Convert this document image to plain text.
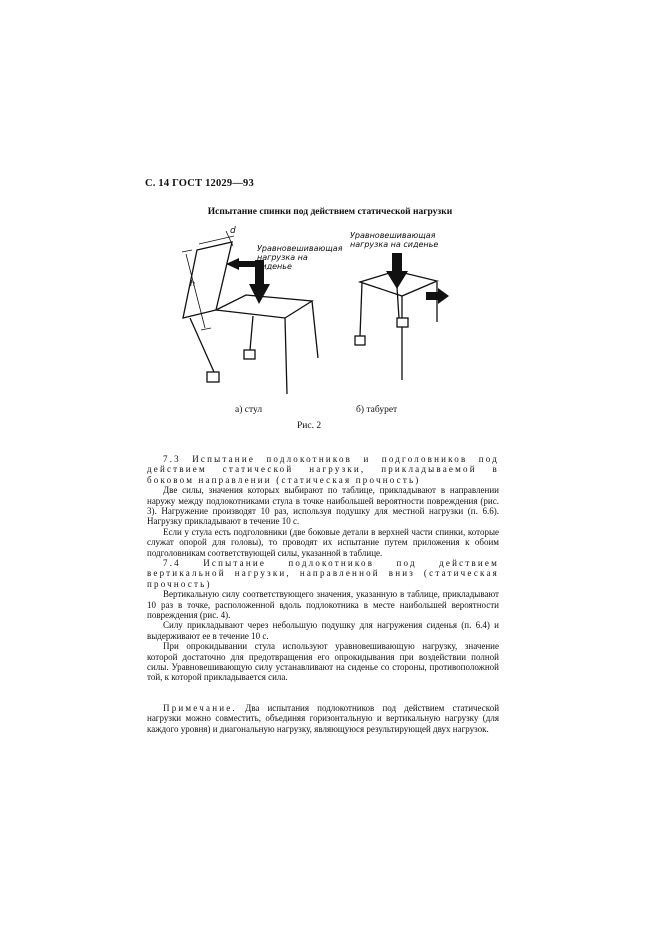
С. 14 ГОСТ 12029—93
Испытание спинки под действием статической нагрузки
d
h
Уравновешивающая нагрузка на сиденье
Уравновешивающая нагрузка на сиденье
а) стул	б) табурет
Рис. 2

7.3 Испытание подлокотников и подголовников под действием статической нагрузки, прикладываемой в боковом направлении (статическая прочность)

Две силы, значения которых выбирают по таблице, прикладывают в направлении наружу между подлокотниками стула в точке наибольшей вероятности повреждения (рис. 3). Нагружение производят 10 раз, используя подушку для местной нагрузки (п. 6.6). Нагрузку прикладывают в течение 10 с.

Если у стула есть подголовники (две боковые детали в верхней части спинки, которые служат опорой для головы), то проводят их испытание путем приложения к обоим подголовникам соответствующей силы, указанной в таблице.

7.4 Испытание подлокотников под действием вертикальной нагрузки, направленной вниз (статическая прочность)

Вертикальную силу соответствующего значения, указанную в таблице, прикладывают 10 раз в точке, расположенной вдоль подлокотника в месте наибольшей вероятности повреждения (рис. 4).

Силу прикладывают через небольшую подушку для нагружения сиденья (п. 6.4) и выдерживают ее в течение 10 с.

При опрокидывании стула используют уравновешивающую нагрузку, значение которой достаточно для предотвращения его опрокидывания при воздействии полной силы. Уравновешивающую силу устанавливают на сиденье со стороны, противоположной той, к которой прикладывается сила.

Примечание. Два испытания подлокотников под действием статической нагрузки можно совместить, объединяя горизонтальную и вертикальную нагрузку (для каждого уровня) и диагональную нагрузку, являющуюся результирующей двух нагрузок.
